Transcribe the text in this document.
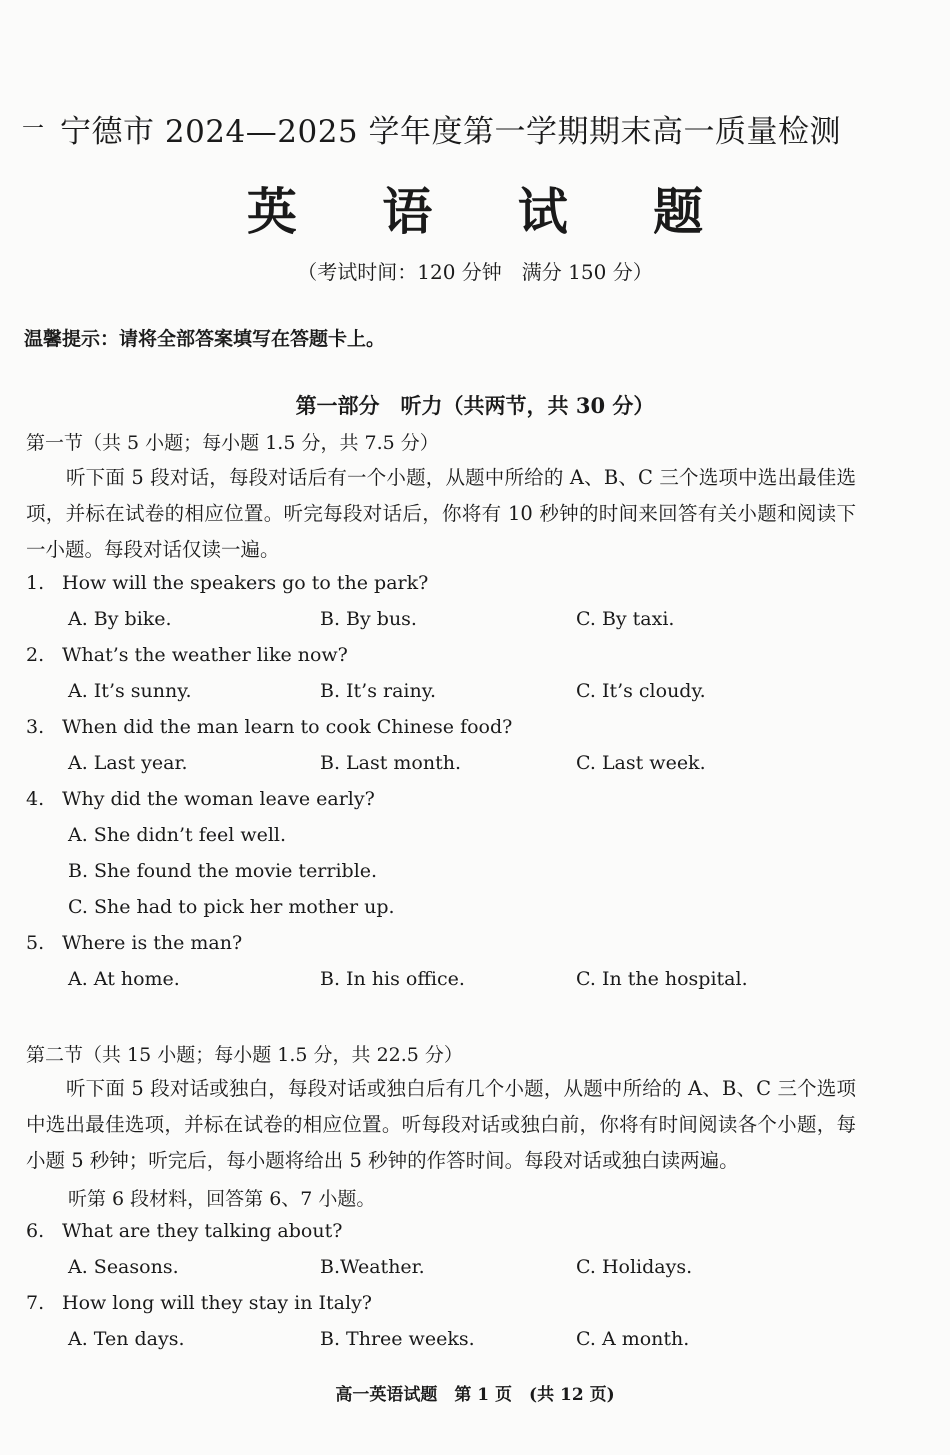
一 宁德市 2024—2025 学年度第一学期期末高一质量检测
英 语 试 题
（考试时间：120 分钟　满分 150 分）
温馨提示：请将全部答案填写在答题卡上。
第一部分　听力（共两节，共 30 分）
第一节（共 5 小题；每小题 1.5 分，共 7.5 分）
听下面 5 段对话，每段对话后有一个小题，从题中所给的 A、B、C 三个选项中选出最佳选项，并标在试卷的相应位置。听完每段对话后，你将有 10 秒钟的时间来回答有关小题和阅读下一小题。每段对话仅读一遍。
1. How will the speakers go to the park?
A. By bike.	B. By bus.	C. By taxi.
2. What’s the weather like now?
A. It’s sunny.	B. It’s rainy.	C. It’s cloudy.
3. When did the man learn to cook Chinese food?
A. Last year.	B. Last month.	C. Last week.
4. Why did the woman leave early?
A. She didn’t feel well.
B. She found the movie terrible.
C. She had to pick her mother up.
5. Where is the man?
A. At home.	B. In his office.	C. In the hospital.
第二节（共 15 小题；每小题 1.5 分，共 22.5 分）
听下面 5 段对话或独白，每段对话或独白后有几个小题，从题中所给的 A、B、C 三个选项中选出最佳选项，并标在试卷的相应位置。听每段对话或独白前，你将有时间阅读各个小题，每小题 5 秒钟；听完后，每小题将给出 5 秒钟的作答时间。每段对话或独白读两遍。
听第 6 段材料，回答第 6、7 小题。
6. What are they talking about?
A. Seasons.	B.Weather.	C. Holidays.
7. How long will they stay in Italy?
A. Ten days.	B. Three weeks.	C. A month.
高一英语试题　第 1 页　(共 12 页)
